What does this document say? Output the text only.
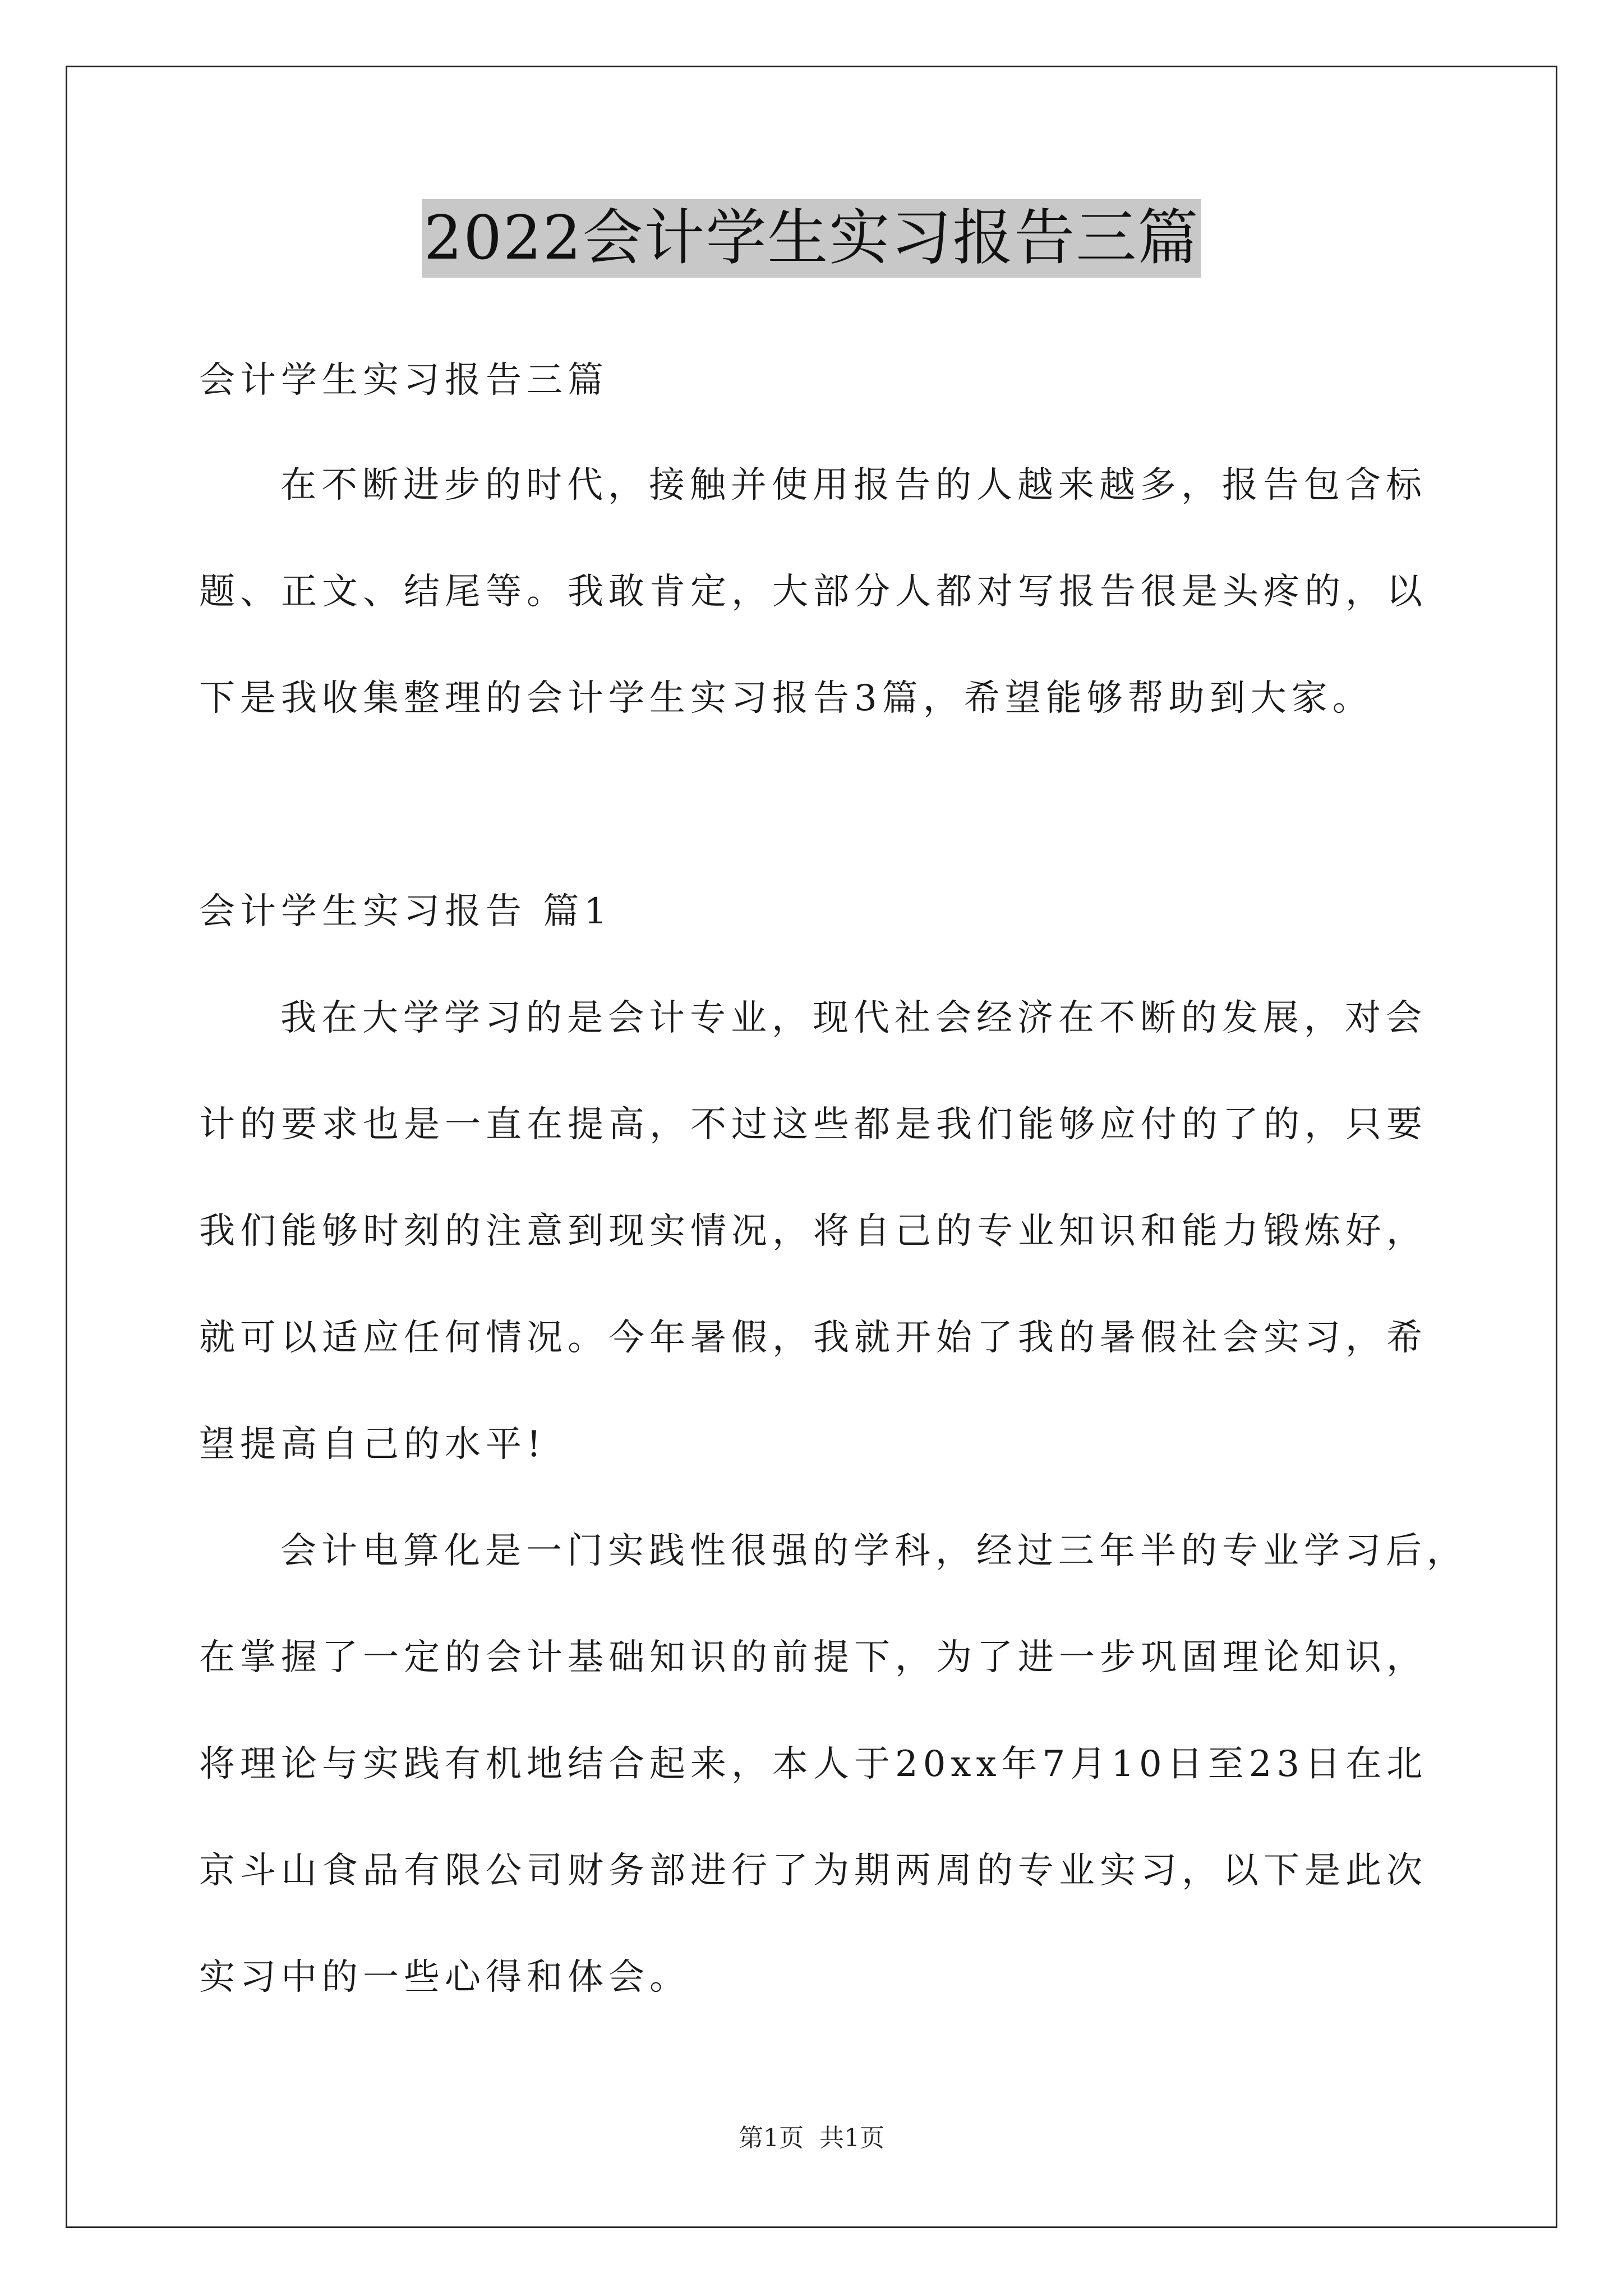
2022会计学生实习报告三篇
会计学生实习报告三篇
在不断进步的时代，接触并使用报告的人越来越多，报告包含标
题、正文、结尾等。我敢肯定，大部分人都对写报告很是头疼的，以
下是我收集整理的会计学生实习报告3篇，希望能够帮助到大家。
会计学生实习报告 篇1
我在大学学习的是会计专业，现代社会经济在不断的发展，对会
计的要求也是一直在提高，不过这些都是我们能够应付的了的，只要
我们能够时刻的注意到现实情况，将自己的专业知识和能力锻炼好，
就可以适应任何情况。今年暑假，我就开始了我的暑假社会实习，希
望提高自己的水平!
会计电算化是一门实践性很强的学科，经过三年半的专业学习后，
在掌握了一定的会计基础知识的前提下，为了进一步巩固理论知识，
将理论与实践有机地结合起来，本人于20xx年7月10日至23日在北
京斗山食品有限公司财务部进行了为期两周的专业实习，以下是此次
实习中的一些心得和体会。
第1页 共1页
